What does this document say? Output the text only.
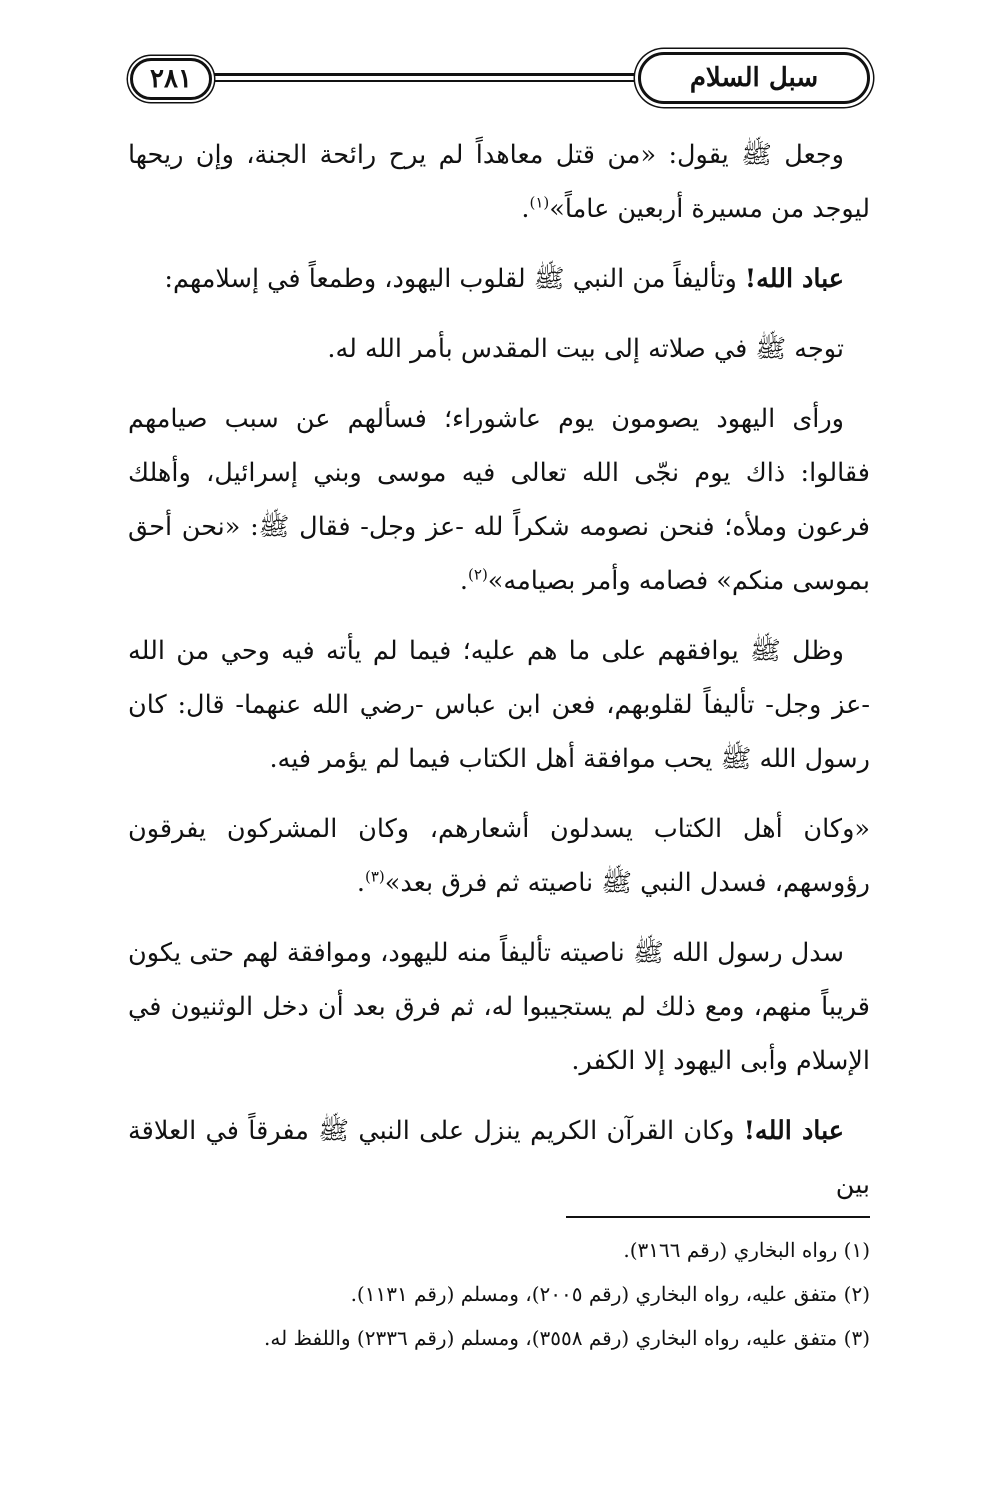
٢٨١	سبل السلام

وجعل ﷺ يقول: «من قتل معاهداً لم يرح رائحة الجنة، وإن ريحها ليوجد من مسيرة أربعين عاماً»$^{(١)}$.

عباد الله! وتأليفاً من النبي ﷺ لقلوب اليهود، وطمعاً في إسلامهم:

توجه ﷺ في صلاته إلى بيت المقدس بأمر الله له.

ورأى اليهود يصومون يوم عاشوراء؛ فسألهم عن سبب صيامهم فقالوا: ذاك يوم نجّى الله تعالى فيه موسى وبني إسرائيل، وأهلك فرعون وملأه؛ فنحن نصومه شكراً لله -عز وجل- فقال ﷺ: «نحن أحق بموسى منكم» فصامه وأمر بصيامه»$^{(٢)}$.

وظل ﷺ يوافقهم على ما هم عليه؛ فيما لم يأته فيه وحي من الله -عز وجل- تأليفاً لقلوبهم، فعن ابن عباس -رضي الله عنهما- قال: كان رسول الله ﷺ يحب موافقة أهل الكتاب فيما لم يؤمر فيه.

«وكان أهل الكتاب يسدلون أشعارهم، وكان المشركون يفرقون رؤوسهم، فسدل النبي ﷺ ناصيته ثم فرق بعد»$^{(٣)}$.

سدل رسول الله ﷺ ناصيته تأليفاً منه لليهود، وموافقة لهم حتى يكون قريباً منهم، ومع ذلك لم يستجيبوا له، ثم فرق بعد أن دخل الوثنيون في الإسلام وأبى اليهود إلا الكفر.

عباد الله! وكان القرآن الكريم ينزل على النبي ﷺ مفرقاً في العلاقة بين

(١) رواه البخاري (رقم ٣١٦٦).

(٢) متفق عليه، رواه البخاري (رقم ٢٠٠٥)، ومسلم (رقم ١١٣١).

(٣) متفق عليه، رواه البخاري (رقم ٣٥٥٨)، ومسلم (رقم ٢٣٣٦) واللفظ له.
